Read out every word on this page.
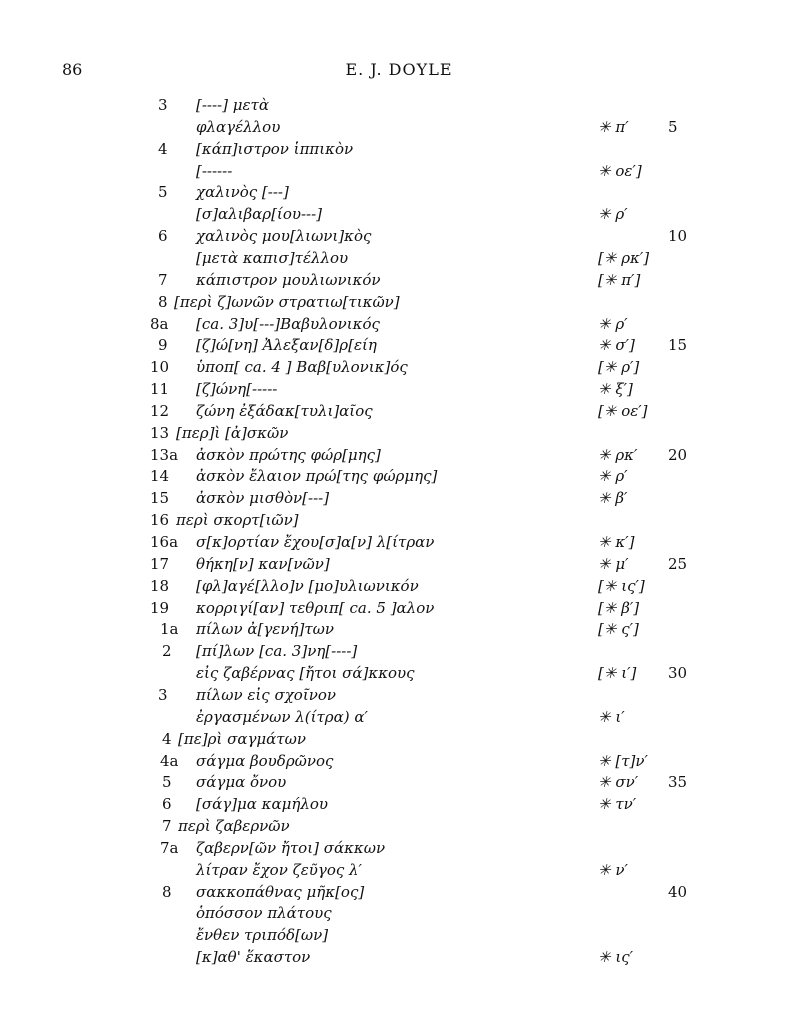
86	E. J. DOYLE
3 [----] μετὰ
φλαγέλλου	✳ π′	5
4 [κάπ]ιστρον ἱππικὸν
[------	✳ οε′]
5 χαλινὸς [---]
[σ]αλιβαρ[ίου---]	✳ ρ′
6 χαλινὸς μου[λιωνι]κὸς	10
[μετὰ καπισ]τέλλου	[✳ ρκ′]
7 κάπιστρον μουλιωνικόν	[✳ π′]
8 [περὶ ζ]ωνῶν στρατιω[τικῶν]
8a [ca. 3]υ[---]Βαβυλονικός	✳ ρ′
9 [ζ]ώ[νη] Ἀλεξαν[δ]ρ[είη	✳ σ′] 15
10 ὑποπ[ ca. 4 ] Βαβ[υλονικ]ός	[✳ ρ′]
11 [ζ]ώνη[-----	✳ ξ′]
12 ζώνη ἐξάδακ[τυλι]αῖος	[✳ οε′]
13 [περ]ὶ [ἀ]σκῶν
13a ἀσκὸν πρώτης φώρ[μης]	✳ ρκ′ 20
14 ἀσκὸν ἔλαιον πρώ[της φώρμης]	✳ ρ′
15 ἀσκὸν μισθὸν[---]	✳ β′
16 περὶ σκορτ[ιῶν]
16a σ[κ]ορτίαν ἔχου[σ]α[ν] λ[ίτραν	✳ κ′]
17 θήκη[ν] καν[νῶν]	✳ μ′	25
18 [φλ]αγέ[λλο]ν [μο]υλιωνικόν	[✳ ις′]
19 κορριγί[αν] τεθριπ[ ca. 5 ]αλον	[✳ β′]
1a πίλων ἀ[γενή]των	[✳ ς′]
2 [πί]λων [ca. 3]νη[----]
εἰς ζαβέρνας [ἤτοι σά]κκους	[✳ ι′] 30
3 πίλων εἰς σχοῖνον
ἐργασμένων λ(ίτρα) α′	✳ ι′
4 [πε]ρὶ σαγμάτων
4a σάγμα βουδρῶνος	✳ [τ]ν′
5 σάγμα ὄνου	✳ σν′ 35
6 [σάγ]μα καμήλου	✳ τν′
7 περὶ ζαβερνῶν
7a ζαβερν[ῶν ἤτοι] σάκκων
λίτραν ἔχον ζεῦγος λ′	✳ ν′
8 σακκοπάθνας μῆκ[ος]	40
ὁπόσσον πλάτους
ἔνθεν τριπόδ[ων]
[κ]αθ' ἕκαστον	✳ ις′
